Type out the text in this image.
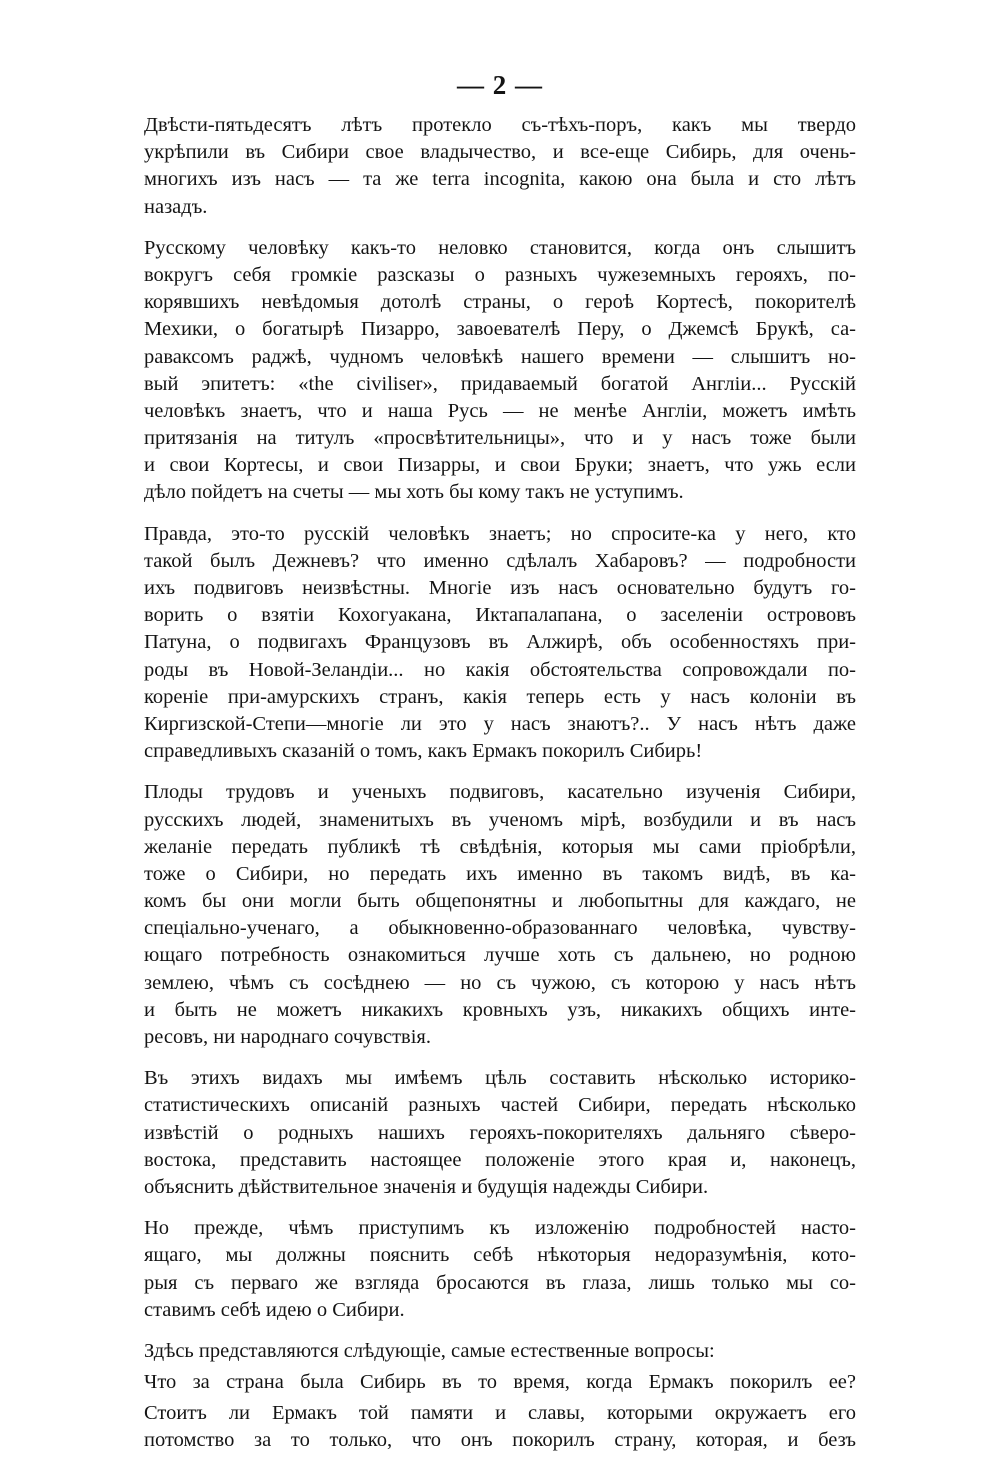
— 2 —

Двѣсти-пятьдесятъ лѣтъ протекло съ-тѣхъ-поръ, какъ мы твердо
укрѣпили въ Сибири свое владычество, и все-еще Сибирь, для очень-
многихъ изъ насъ — та же terra incognita, какою она была и сто лѣтъ
назадъ.

Русскому человѣку какъ-то неловко становится, когда онъ слышитъ
вокругъ себя громкіе разсказы о разныхъ чужеземныхъ герояхъ, по-
корявшихъ невѣдомыя дотолѣ страны, о героѣ Кортесѣ, покорителѣ
Мехики, о богатырѣ Пизарро, завоевателѣ Перу, о Джемсѣ Брукѣ, са-
раваксомъ раджѣ, чудномъ человѣкѣ нашего времени — слышитъ но-
вый эпитетъ: «the civiliser», придаваемый богатой Англіи... Русскій
человѣкъ знаетъ, что и наша Русь — не менѣе Англіи, можетъ имѣть
притязанія на титулъ «просвѣтительницы», что и у насъ тоже были
и свои Кортесы, и свои Пизарры, и свои Бруки; знаетъ, что ужь если
дѣло пойдетъ на счеты — мы хоть бы кому такъ не уступимъ.

Правда, это-то русскій человѣкъ знаетъ; но спросите-ка у него, кто
такой былъ Дежневъ? что именно сдѣлалъ Хабаровъ? — подробности
ихъ подвиговъ неизвѣстны. Многіе изъ насъ основательно будутъ го-
ворить о взятіи Кохогуакана, Иктапалапана, о заселеніи острововъ
Патуна, о подвигахъ Французовъ въ Алжирѣ, объ особенностяхъ при-
роды въ Новой-Зеландіи... но какія обстоятельства сопровождали по-
кореніе при-амурскихъ странъ, какія теперь есть у насъ колоніи въ
Киргизской-Степи—многіе ли это у насъ знаютъ?.. У насъ нѣтъ даже
справедливыхъ сказаній о томъ, какъ Ермакъ покорилъ Сибирь!

Плоды трудовъ и ученыхъ подвиговъ, касательно изученія Сибири,
русскихъ людей, знаменитыхъ въ ученомъ мірѣ, возбудили и въ насъ
желаніе передать публикѣ тѣ свѣдѣнія, которыя мы сами пріобрѣли,
тоже о Сибири, но передать ихъ именно въ такомъ видѣ, въ ка-
комъ бы они могли быть общепонятны и любопытны для каждаго, не
спеціально-ученаго, а обыкновенно-образованнаго человѣка, чувству-
ющаго потребность ознакомиться лучше хоть съ дальнею, но родною
землею, чѣмъ съ сосѣднею — но съ чужою, съ которою у насъ нѣтъ
и быть не можетъ никакихъ кровныхъ узъ, никакихъ общихъ инте-
ресовъ, ни народнаго сочувствія.

Въ этихъ видахъ мы имѣемъ цѣль составить нѣсколько историко-
статистическихъ описаній разныхъ частей Сибири, передать нѣсколько
извѣстій о родныхъ нашихъ герояхъ-покорителяхъ дальняго сѣверо-
востока, представить настоящее положеніе этого края и, наконецъ,
объяснить дѣйствительное значенія и будущія надежды Сибири.

Но прежде, чѣмъ приступимъ къ изложенію подробностей насто-
ящаго, мы должны пояснить себѣ нѣкоторыя недоразумѣнія, кото-
рыя съ перваго же взгляда бросаются въ глаза, лишь только мы со-
ставимъ себѣ идею о Сибири.

Здѣсь представляются слѣдующіе, самые естественные вопросы:

Что за страна была Сибирь въ то время, когда Ермакъ покорилъ ее?

Стоитъ ли Ермакъ той памяти и славы, которыми окружаетъ его
потомство за то только, что онъ покорилъ страну, которая, и безъ
